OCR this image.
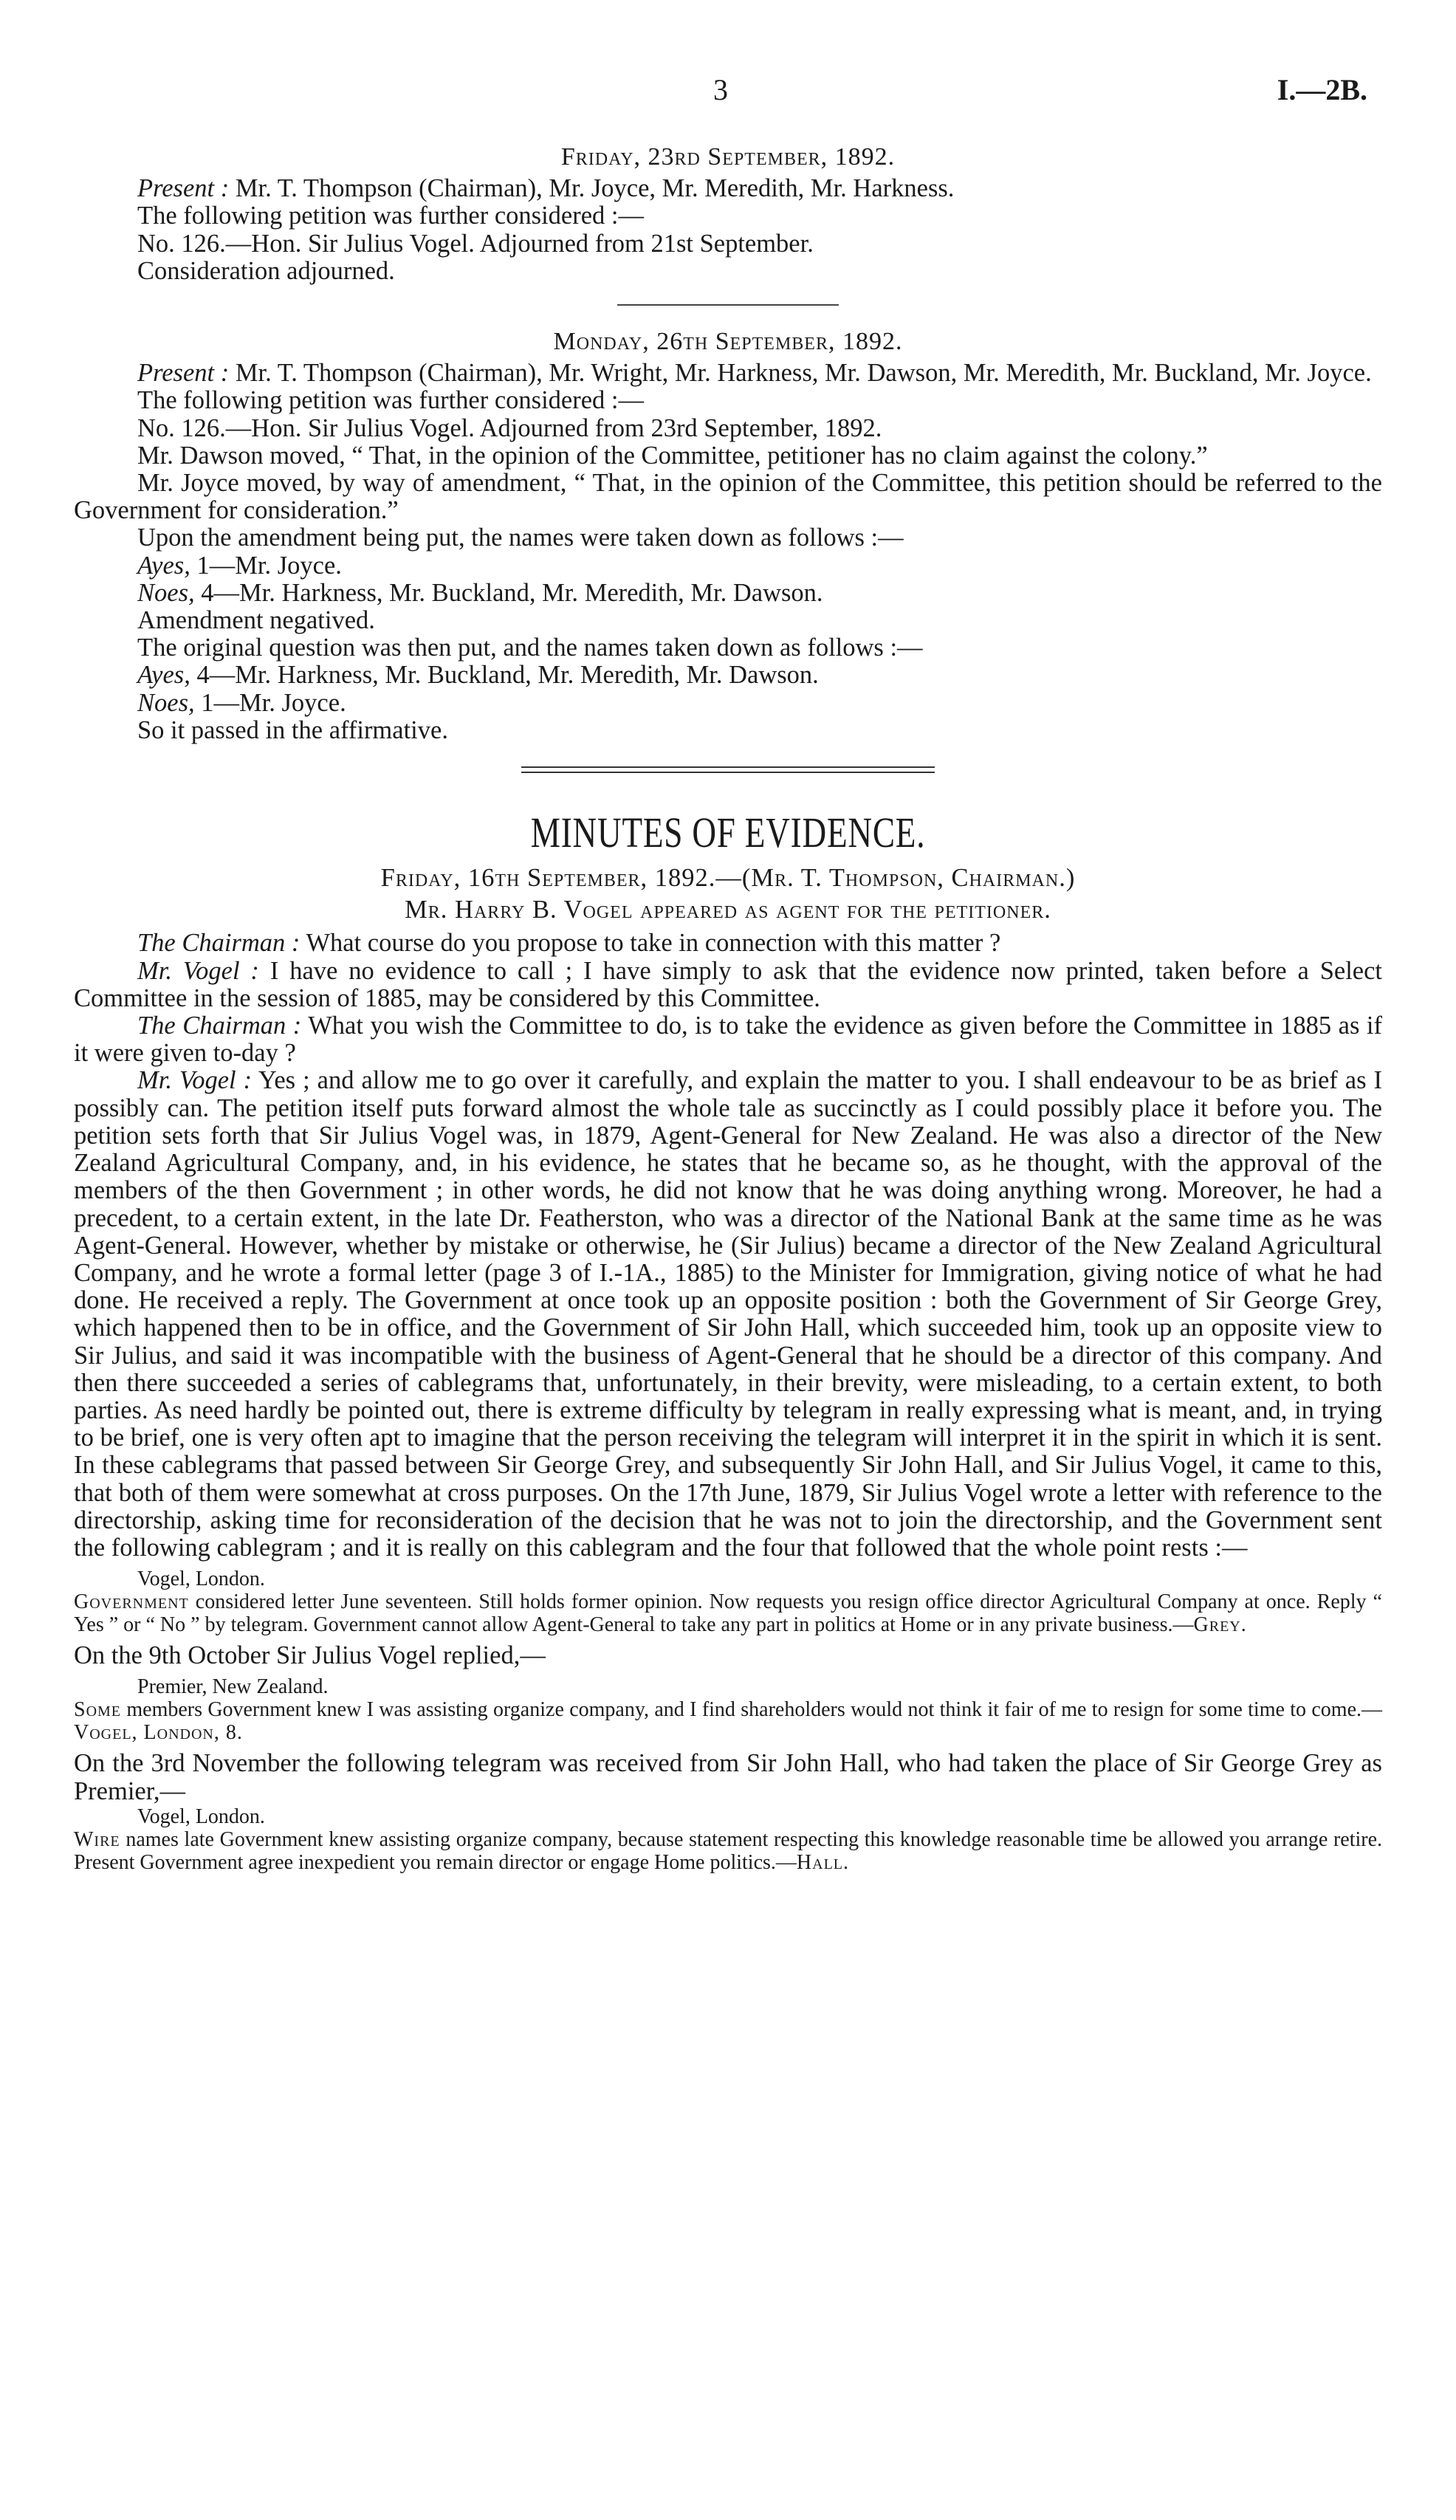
3	I.—2B.

Friday, 23rd September, 1892.

Present : Mr. T. Thompson (Chairman), Mr. Joyce, Mr. Meredith, Mr. Harkness.

The following petition was further considered :—

No. 126.—Hon. Sir Julius Vogel. Adjourned from 21st September.

Consideration adjourned.

Monday, 26th September, 1892.

Present : Mr. T. Thompson (Chairman), Mr. Wright, Mr. Harkness, Mr. Dawson, Mr. Meredith, Mr. Buckland, Mr. Joyce.

The following petition was further considered :—

No. 126.—Hon. Sir Julius Vogel. Adjourned from 23rd September, 1892.

Mr. Dawson moved, “ That, in the opinion of the Committee, petitioner has no claim against the colony.”

Mr. Joyce moved, by way of amendment, “ That, in the opinion of the Committee, this petition should be referred to the Government for consideration.”

Upon the amendment being put, the names were taken down as follows :—

Ayes, 1—Mr. Joyce.

Noes, 4—Mr. Harkness, Mr. Buckland, Mr. Meredith, Mr. Dawson.

Amendment negatived.

The original question was then put, and the names taken down as follows :—

Ayes, 4—Mr. Harkness, Mr. Buckland, Mr. Meredith, Mr. Dawson.

Noes, 1—Mr. Joyce.

So it passed in the affirmative.

MINUTES OF EVIDENCE.

Friday, 16th September, 1892.—(Mr. T. Thompson, Chairman.)

Mr. Harry B. Vogel appeared as agent for the petitioner.

The Chairman : What course do you propose to take in connection with this matter ?

Mr. Vogel : I have no evidence to call ; I have simply to ask that the evidence now printed, taken before a Select Committee in the session of 1885, may be considered by this Committee.

The Chairman : What you wish the Committee to do, is to take the evidence as given before the Committee in 1885 as if it were given to-day ?

Mr. Vogel : Yes ; and allow me to go over it carefully, and explain the matter to you. I shall endeavour to be as brief as I possibly can. The petition itself puts forward almost the whole tale as succinctly as I could possibly place it before you. The petition sets forth that Sir Julius Vogel was, in 1879, Agent-General for New Zealand. He was also a director of the New Zealand Agricultural Company, and, in his evidence, he states that he became so, as he thought, with the approval of the members of the then Government ; in other words, he did not know that he was doing anything wrong. Moreover, he had a precedent, to a certain extent, in the late Dr. Featherston, who was a director of the National Bank at the same time as he was Agent-General. However, whether by mistake or otherwise, he (Sir Julius) became a director of the New Zealand Agricultural Company, and he wrote a formal letter (page 3 of I.-1A., 1885) to the Minister for Immigration, giving notice of what he had done. He received a reply. The Government at once took up an opposite position : both the Government of Sir George Grey, which happened then to be in office, and the Government of Sir John Hall, which succeeded him, took up an opposite view to Sir Julius, and said it was incompatible with the business of Agent-General that he should be a director of this company. And then there succeeded a series of cablegrams that, unfortunately, in their brevity, were misleading, to a certain extent, to both parties. As need hardly be pointed out, there is extreme difficulty by telegram in really expressing what is meant, and, in trying to be brief, one is very often apt to imagine that the person receiving the telegram will interpret it in the spirit in which it is sent. In these cablegrams that passed between Sir George Grey, and subsequently Sir John Hall, and Sir Julius Vogel, it came to this, that both of them were somewhat at cross purposes. On the 17th June, 1879, Sir Julius Vogel wrote a letter with reference to the directorship, asking time for reconsideration of the decision that he was not to join the directorship, and the Government sent the following cablegram ; and it is really on this cablegram and the four that followed that the whole point rests :—

Vogel, London.

Government considered letter June seventeen. Still holds former opinion. Now requests you resign office director Agricultural Company at once. Reply “ Yes ” or “ No ” by telegram. Government cannot allow Agent-General to take any part in politics at Home or in any private business.—Grey.

On the 9th October Sir Julius Vogel replied,—

Premier, New Zealand.

Some members Government knew I was assisting organize company, and I find shareholders would not think it fair of me to resign for some time to come.—Vogel, London, 8.

On the 3rd November the following telegram was received from Sir John Hall, who had taken the place of Sir George Grey as Premier,—

Vogel, London.

Wire names late Government knew assisting organize company, because statement respecting this knowledge reasonable time be allowed you arrange retire. Present Government agree inexpedient you remain director or engage Home politics.—Hall.
